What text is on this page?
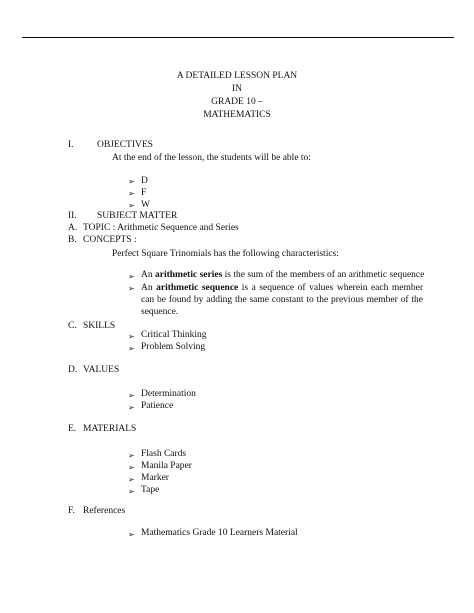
A DETAILED LESSON PLAN
IN
GRADE 10 –
MATHEMATICS
I. OBJECTIVES
At the end of the lesson, the students will be able to:
➢ D
➢ F
➢ W
II. SUBJECT MATTER
A. TOPIC : Arithmetic Sequence and Series
B. CONCEPTS :
Perfect Square Trinomials has the following characteristics:
➢ An arithmetic series is the sum of the members of an arithmetic sequence
➢ An arithmetic sequence is a sequence of values wherein each member can be found by adding the same constant to the previous member of the sequence.
C. SKILLS
➢ Critical Thinking
➢ Problem Solving
D. VALUES
➢ Determination
➢ Patience
E. MATERIALS
➢ Flash Cards
➢ Manila Paper
➢ Marker
➢ Tape
F. References
➢ Mathematics Grade 10 Learners Material
